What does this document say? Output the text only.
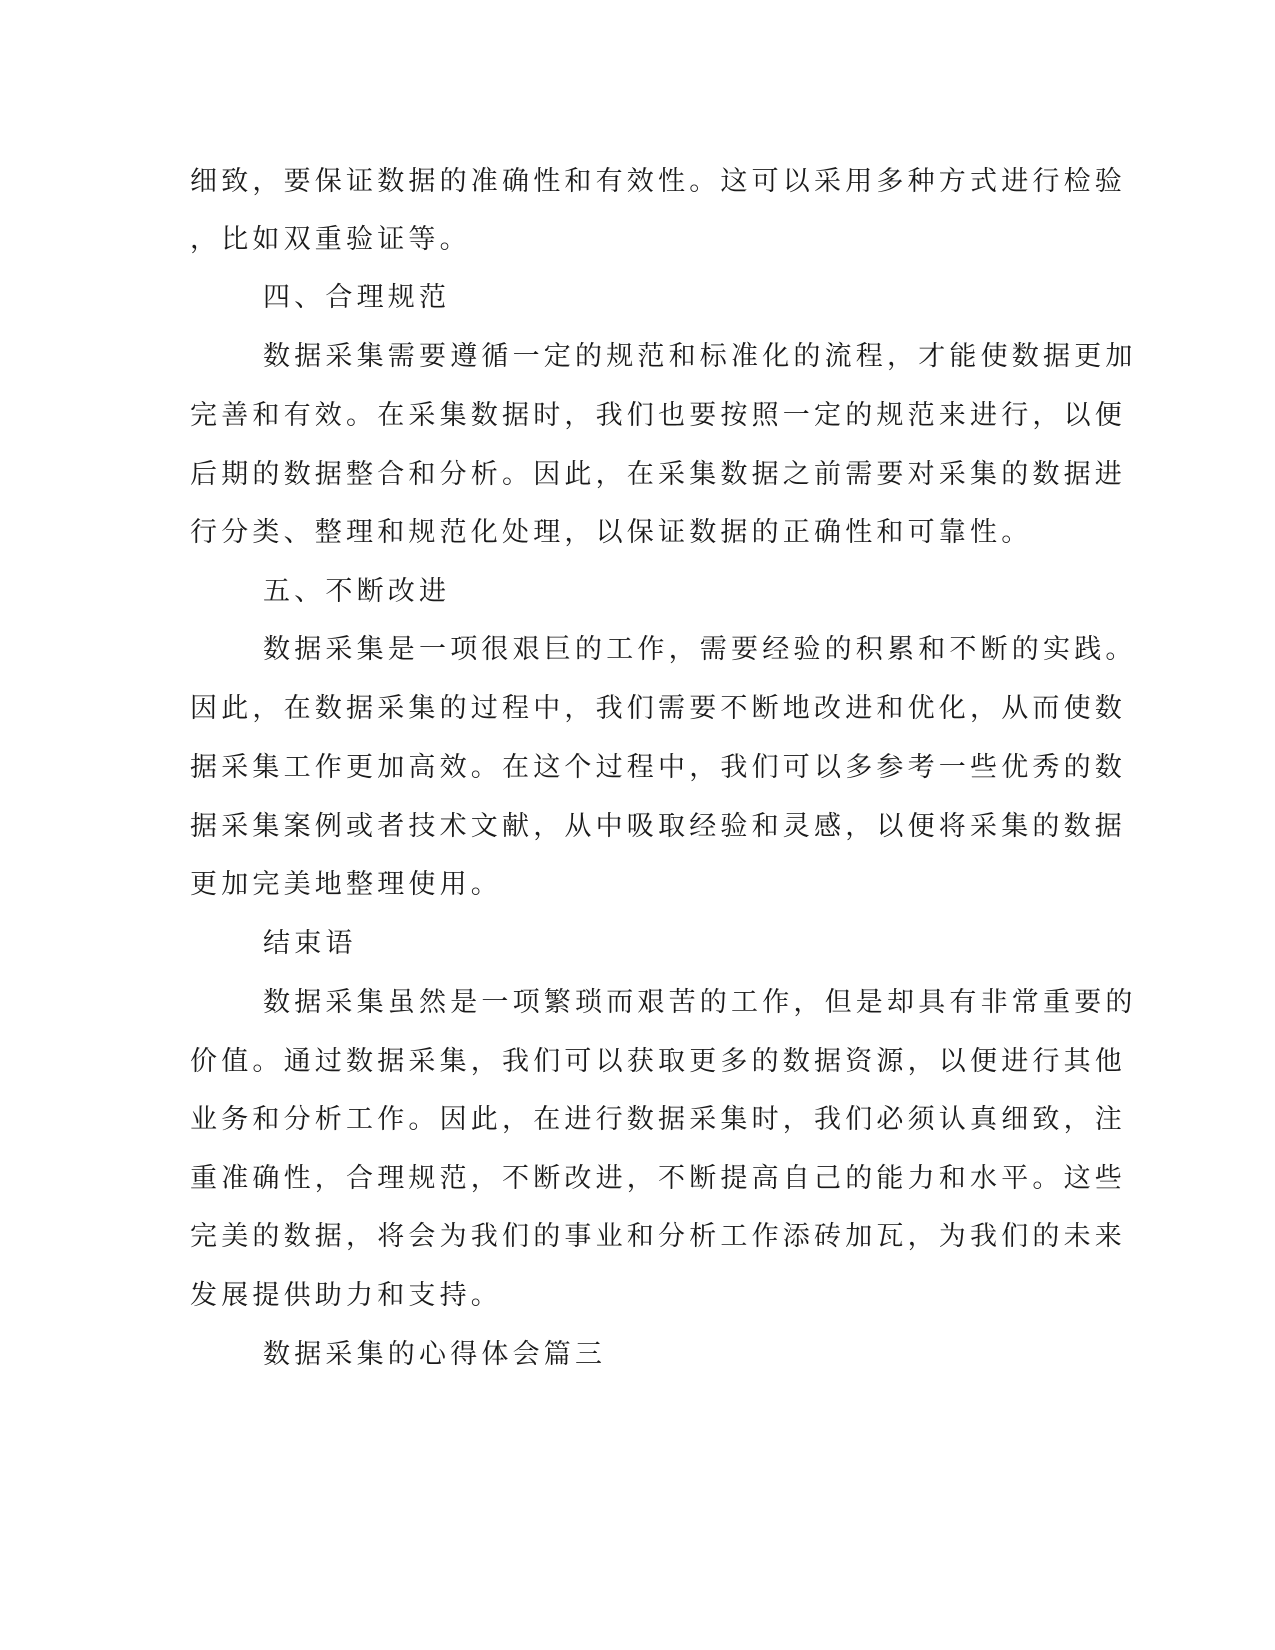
细致，要保证数据的准确性和有效性。这可以采用多种方式进行检验
，比如双重验证等。
四、合理规范
数据采集需要遵循一定的规范和标准化的流程，才能使数据更加
完善和有效。在采集数据时，我们也要按照一定的规范来进行，以便
后期的数据整合和分析。因此，在采集数据之前需要对采集的数据进
行分类、整理和规范化处理，以保证数据的正确性和可靠性。
五、不断改进
数据采集是一项很艰巨的工作，需要经验的积累和不断的实践。
因此，在数据采集的过程中，我们需要不断地改进和优化，从而使数
据采集工作更加高效。在这个过程中，我们可以多参考一些优秀的数
据采集案例或者技术文献，从中吸取经验和灵感，以便将采集的数据
更加完美地整理使用。
结束语
数据采集虽然是一项繁琐而艰苦的工作，但是却具有非常重要的
价值。通过数据采集，我们可以获取更多的数据资源，以便进行其他
业务和分析工作。因此，在进行数据采集时，我们必须认真细致，注
重准确性，合理规范，不断改进，不断提高自己的能力和水平。这些
完美的数据，将会为我们的事业和分析工作添砖加瓦，为我们的未来
发展提供助力和支持。
数据采集的心得体会篇三
